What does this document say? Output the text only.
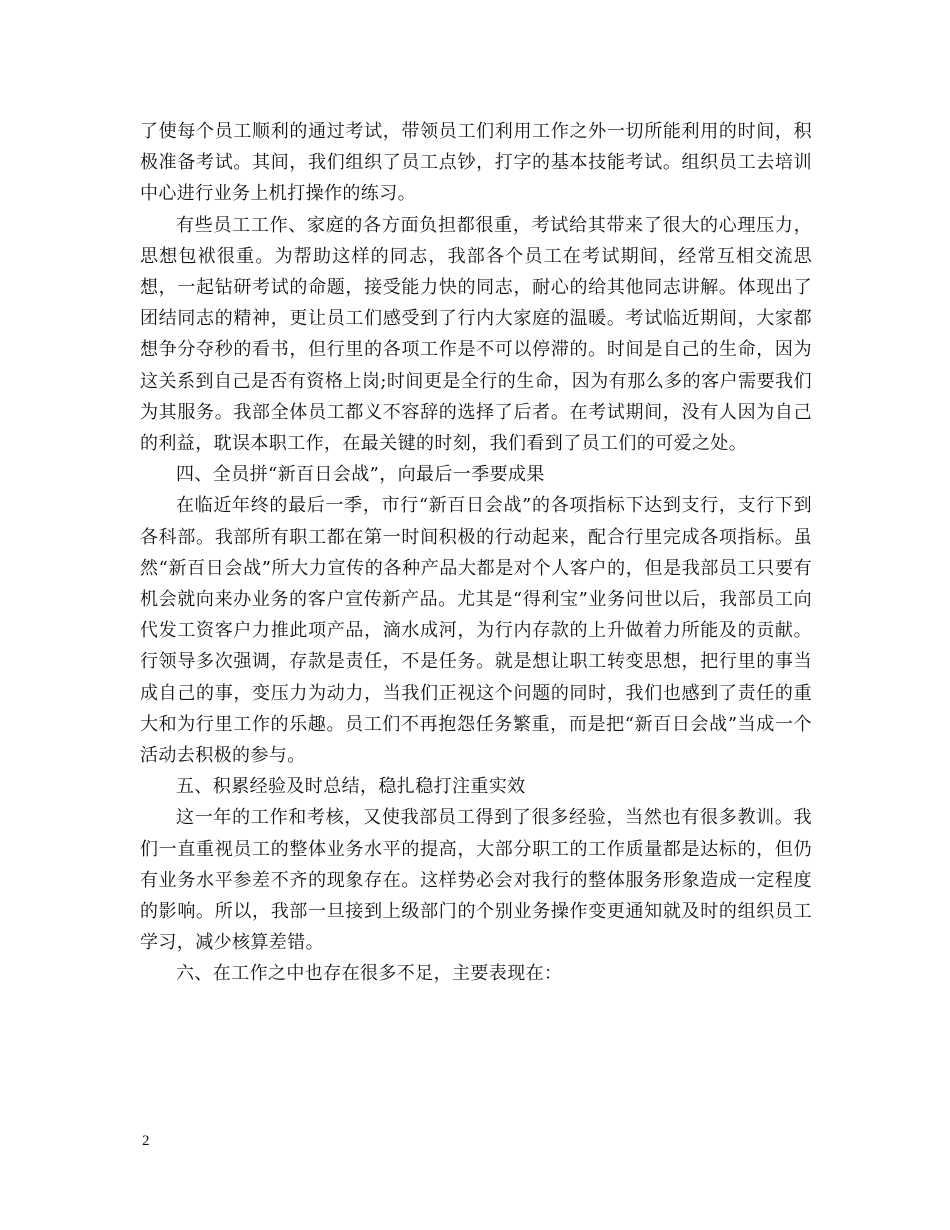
了使每个员工顺利的通过考试，带领员工们利用工作之外一切所能利用的时间，积极准备考试。其间，我们组织了员工点钞，打字的基本技能考试。组织员工去培训中心进行业务上机打操作的练习。

有些员工工作、家庭的各方面负担都很重，考试给其带来了很大的心理压力，思想包袱很重。为帮助这样的同志，我部各个员工在考试期间，经常互相交流思想，一起钻研考试的命题，接受能力快的同志，耐心的给其他同志讲解。体现出了团结同志的精神，更让员工们感受到了行内大家庭的温暖。考试临近期间，大家都想争分夺秒的看书，但行里的各项工作是不可以停滞的。时间是自己的生命，因为这关系到自己是否有资格上岗;时间更是全行的生命，因为有那么多的客户需要我们为其服务。我部全体员工都义不容辞的选择了后者。在考试期间，没有人因为自己的利益，耽误本职工作，在最关键的时刻，我们看到了员工们的可爱之处。

四、全员拼“新百日会战”，向最后一季要成果

在临近年终的最后一季，市行“新百日会战”的各项指标下达到支行，支行下到各科部。我部所有职工都在第一时间积极的行动起来，配合行里完成各项指标。虽然“新百日会战”所大力宣传的各种产品大都是对个人客户的，但是我部员工只要有机会就向来办业务的客户宣传新产品。尤其是“得利宝”业务问世以后，我部员工向代发工资客户力推此项产品，滴水成河，为行内存款的上升做着力所能及的贡献。行领导多次强调，存款是责任，不是任务。就是想让职工转变思想，把行里的事当成自己的事，变压力为动力，当我们正视这个问题的同时，我们也感到了责任的重大和为行里工作的乐趣。员工们不再抱怨任务繁重，而是把“新百日会战”当成一个活动去积极的参与。

五、积累经验及时总结，稳扎稳打注重实效

这一年的工作和考核，又使我部员工得到了很多经验，当然也有很多教训。我们一直重视员工的整体业务水平的提高，大部分职工的工作质量都是达标的，但仍有业务水平参差不齐的现象存在。这样势必会对我行的整体服务形象造成一定程度的影响。所以，我部一旦接到上级部门的个别业务操作变更通知就及时的组织员工学习，减少核算差错。

六、在工作之中也存在很多不足，主要表现在：

2
